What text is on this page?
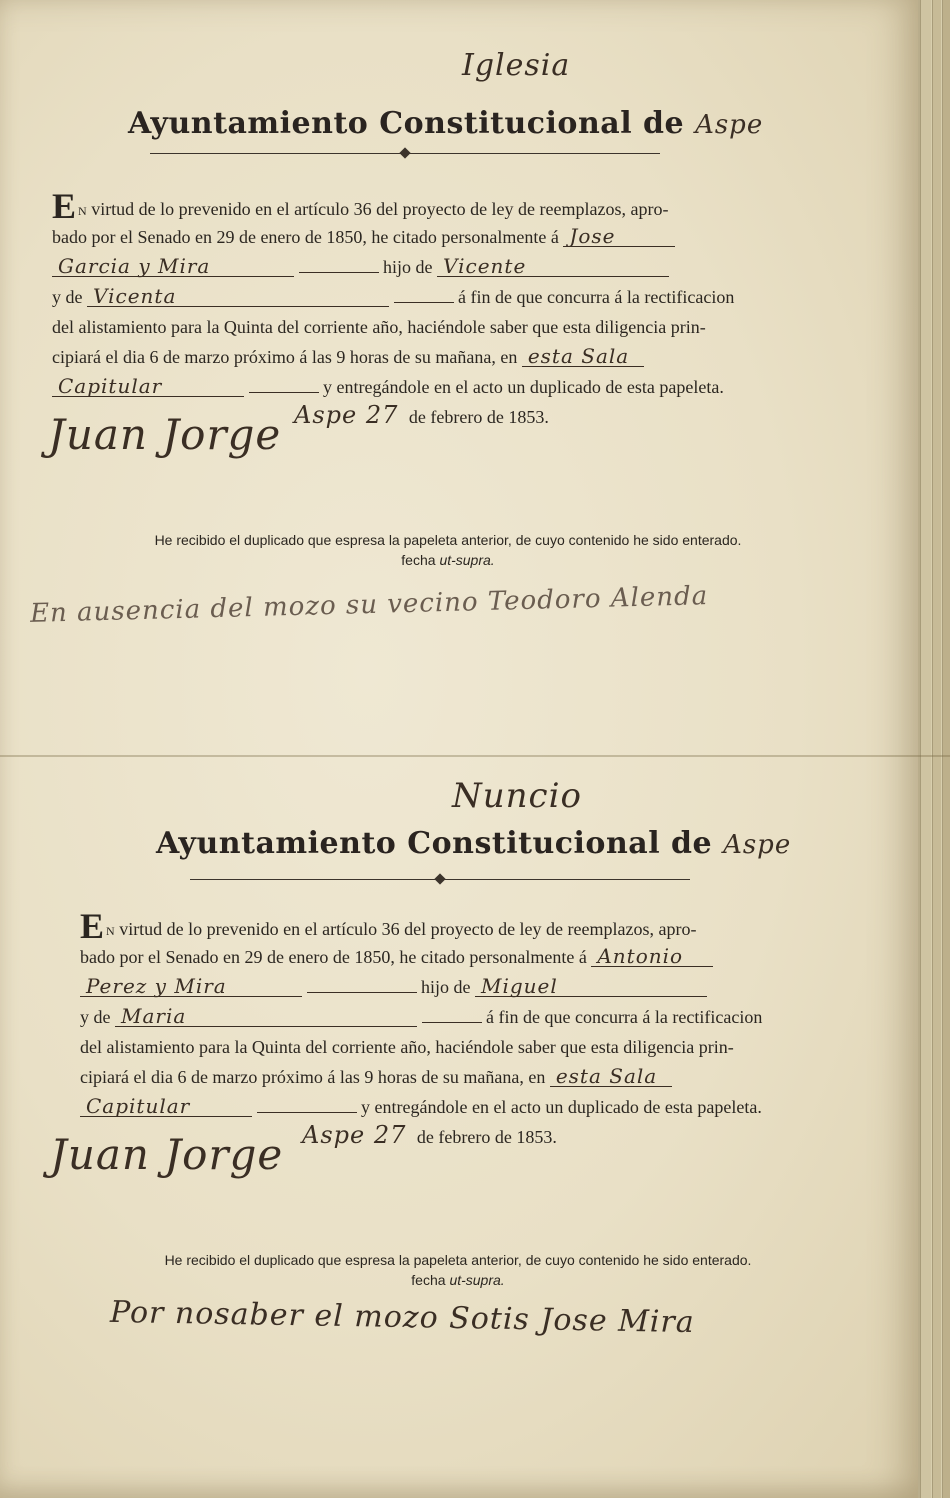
Iglesia
Ayuntamiento Constitucional de Aspe
EN virtud de lo prevenido en el artículo 36 del proyecto de ley de reemplazos, apro-
bado por el Senado en 29 de enero de 1850, he citado personalmente á Jose
Garcia y Mira	hijo de Vicente
y de Vicenta	á fin de que concurra á la rectificacion
del alistamiento para la Quinta del corriente año, haciéndole saber que esta diligencia prin-
cipiará el dia 6 de marzo próximo á las 9 horas de su mañana, en esta Sala
Capitular	y entregándole en el acto un duplicado de esta papeleta.
Aspe 27 de febrero de 1853.
Juan Jorge
He recibido el duplicado que espresa la papeleta anterior, de cuyo contenido he sido enterado.
fecha ut-supra.
En ausencia del mozo su vecino Teodoro Alenda
Nuncio
Ayuntamiento Constitucional de Aspe
EN virtud de lo prevenido en el artículo 36 del proyecto de ley de reemplazos, apro-
bado por el Senado en 29 de enero de 1850, he citado personalmente á Antonio
Perez y Mira	hijo de Miguel
y de Maria	á fin de que concurra á la rectificacion
del alistamiento para la Quinta del corriente año, haciéndole saber que esta diligencia prin-
cipiará el dia 6 de marzo próximo á las 9 horas de su mañana, en esta Sala
Capitular	y entregándole en el acto un duplicado de esta papeleta.
Aspe 27 de febrero de 1853.
Juan Jorge
He recibido el duplicado que espresa la papeleta anterior, de cuyo contenido he sido enterado.
fecha ut-supra.
Por nosaber el mozo Sotis Jose Mira
